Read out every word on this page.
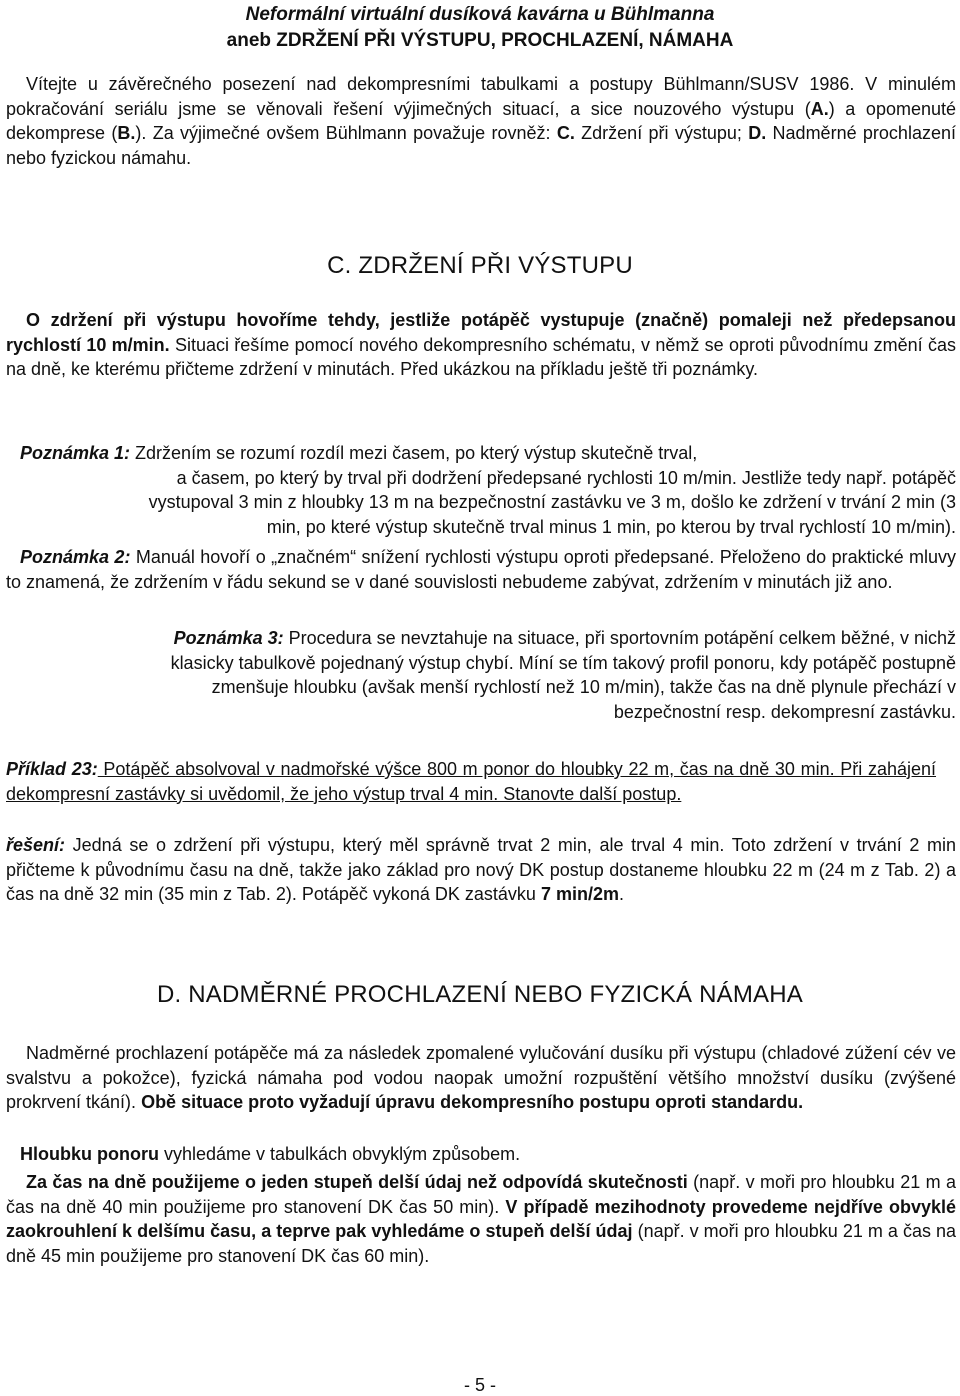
Neformální virtuální dusíková kavárna u Bühlmanna
aneb ZDRŽENÍ PŘI VÝSTUPU, PROCHLAZENÍ, NÁMAHA

Vítejte u závěrečného posezení nad dekompresními tabulkami a postupy Bühlmann/SUSV 1986. V minulém pokračování seriálu jsme se věnovali řešení výjimečných situací, a sice nouzového výstupu (A.) a opomenuté dekomprese (B.). Za výjimečné ovšem Bühlmann považuje rovněž: C. Zdržení při výstupu; D. Nadměrné prochlazení nebo fyzickou námahu.

C. ZDRŽENÍ PŘI VÝSTUPU

O zdržení při výstupu hovoříme tehdy, jestliže potápěč vystupuje (značně) pomaleji než předepsanou rychlostí 10 m/min. Situaci řešíme pomocí nového dekompresního schématu, v němž se oproti původnímu změní čas na dně, ke kterému přičteme zdržení v minutách. Před ukázkou na příkladu ještě tři poznámky.

Poznámka 1: Zdržením se rozumí rozdíl mezi časem, po který výstup skutečně trval,
a časem, po který by trval při dodržení předepsané rychlosti 10 m/min. Jestliže tedy např. potápěč
vystupoval 3 min z hloubky 13 m na bezpečnostní zastávku ve 3 m, došlo ke zdržení v trvání 2 min (3
min, po které výstup skutečně trval minus 1 min, po kterou by trval rychlostí 10 m/min).

Poznámka 2: Manuál hovoří o „značném“ snížení rychlosti výstupu oproti předepsané. Přeloženo do praktické mluvy to znamená, že zdržením v řádu sekund se v dané souvislosti nebudeme zabývat, zdržením v minutách již ano.

Poznámka 3: Procedura se nevztahuje na situace, při sportovním potápění celkem běžné, v nichž
klasicky tabulkově pojednaný výstup chybí. Míní se tím takový profil ponoru, kdy potápěč postupně
zmenšuje hloubku (avšak menší rychlostí než 10 m/min), takže čas na dně plynule přechází v
bezpečnostní resp. dekompresní zastávku.

Příklad 23: Potápěč absolvoval v nadmořské výšce 800 m ponor do hloubky 22 m, čas na dně 30 min. Při zahájení dekompresní zastávky si uvědomil, že jeho výstup trval 4 min. Stanovte další postup.

řešení: Jedná se o zdržení při výstupu, který měl správně trvat 2 min, ale trval 4 min. Toto zdržení v trvání 2 min přičteme k původnímu času na dně, takže jako základ pro nový DK postup dostaneme hloubku 22 m (24 m z Tab. 2) a čas na dně 32 min (35 min z Tab. 2). Potápěč vykoná DK zastávku 7 min/2m.

D. NADMĚRNÉ PROCHLAZENÍ NEBO FYZICKÁ NÁMAHA

Nadměrné prochlazení potápěče má za následek zpomalené vylučování dusíku při výstupu (chladové zúžení cév ve svalstvu a pokožce), fyzická námaha pod vodou naopak umožní rozpuštění většího množství dusíku (zvýšené prokrvení tkání). Obě situace proto vyžadují úpravu dekompresního postupu oproti standardu.

Hloubku ponoru vyhledáme v tabulkách obvyklým způsobem.

Za čas na dně použijeme o jeden stupeň delší údaj než odpovídá skutečnosti (např. v moři pro hloubku 21 m a čas na dně 40 min použijeme pro stanovení DK čas 50 min). V případě mezihodnoty provedeme nejdříve obvyklé zaokrouhlení k delšímu času, a teprve pak vyhledáme o stupeň delší údaj (např. v moři pro hloubku 21 m a čas na dně 45 min použijeme pro stanovení DK čas 60 min).

- 5 -
